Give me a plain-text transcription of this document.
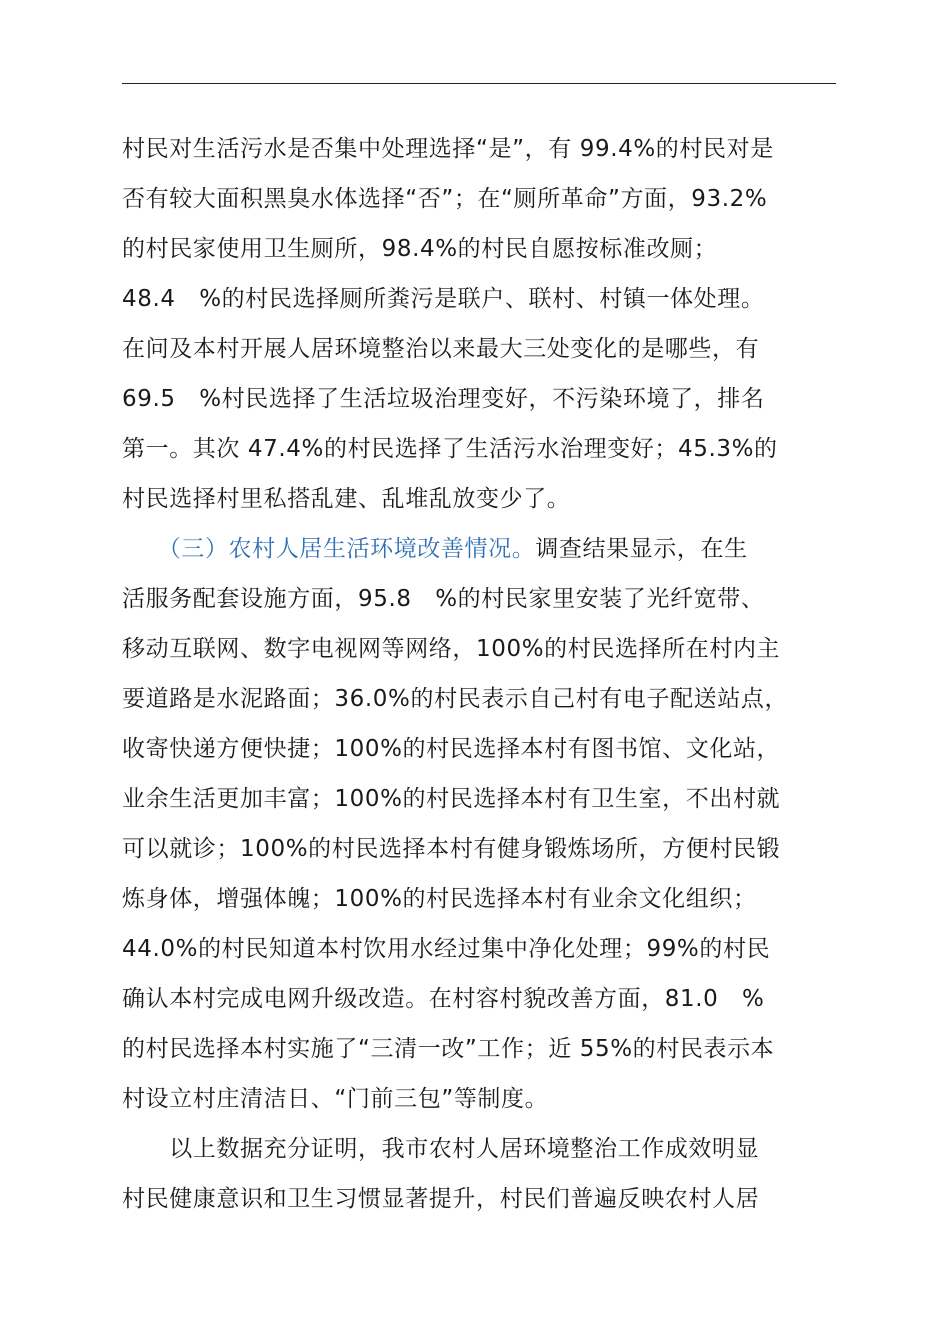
村民对生活污水是否集中处理选择“是”，有 99.4%的村民对是
否有较大面积黑臭水体选择“否”；在“厕所革命”方面，93.2%
的村民家使用卫生厕所，98.4%的村民自愿按标准改厕；
48.4　%的村民选择厕所粪污是联户、联村、村镇一体处理。
在问及本村开展人居环境整治以来最大三处变化的是哪些，有
69.5　%村民选择了生活垃圾治理变好，不污染环境了，排名
第一。其次 47.4%的村民选择了生活污水治理变好；45.3%的
村民选择村里私搭乱建、乱堆乱放变少了。
　　（三）农村人居生活环境改善情况。调查结果显示，在生
活服务配套设施方面，95.8　%的村民家里安装了光纤宽带、
移动互联网、数字电视网等网络，100%的村民选择所在村内主
要道路是水泥路面；36.0%的村民表示自己村有电子配送站点，
收寄快递方便快捷；100%的村民选择本村有图书馆、文化站，
业余生活更加丰富；100%的村民选择本村有卫生室，不出村就
可以就诊；100%的村民选择本村有健身锻炼场所，方便村民锻
炼身体，增强体魄；100%的村民选择本村有业余文化组织；
44.0%的村民知道本村饮用水经过集中净化处理；99%的村民
确认本村完成电网升级改造。在村容村貌改善方面，81.0　%
的村民选择本村实施了“三清一改”工作；近 55%的村民表示本
村设立村庄清洁日、“门前三包”等制度。
　　以上数据充分证明，我市农村人居环境整治工作成效明显
村民健康意识和卫生习惯显著提升，村民们普遍反映农村人居
